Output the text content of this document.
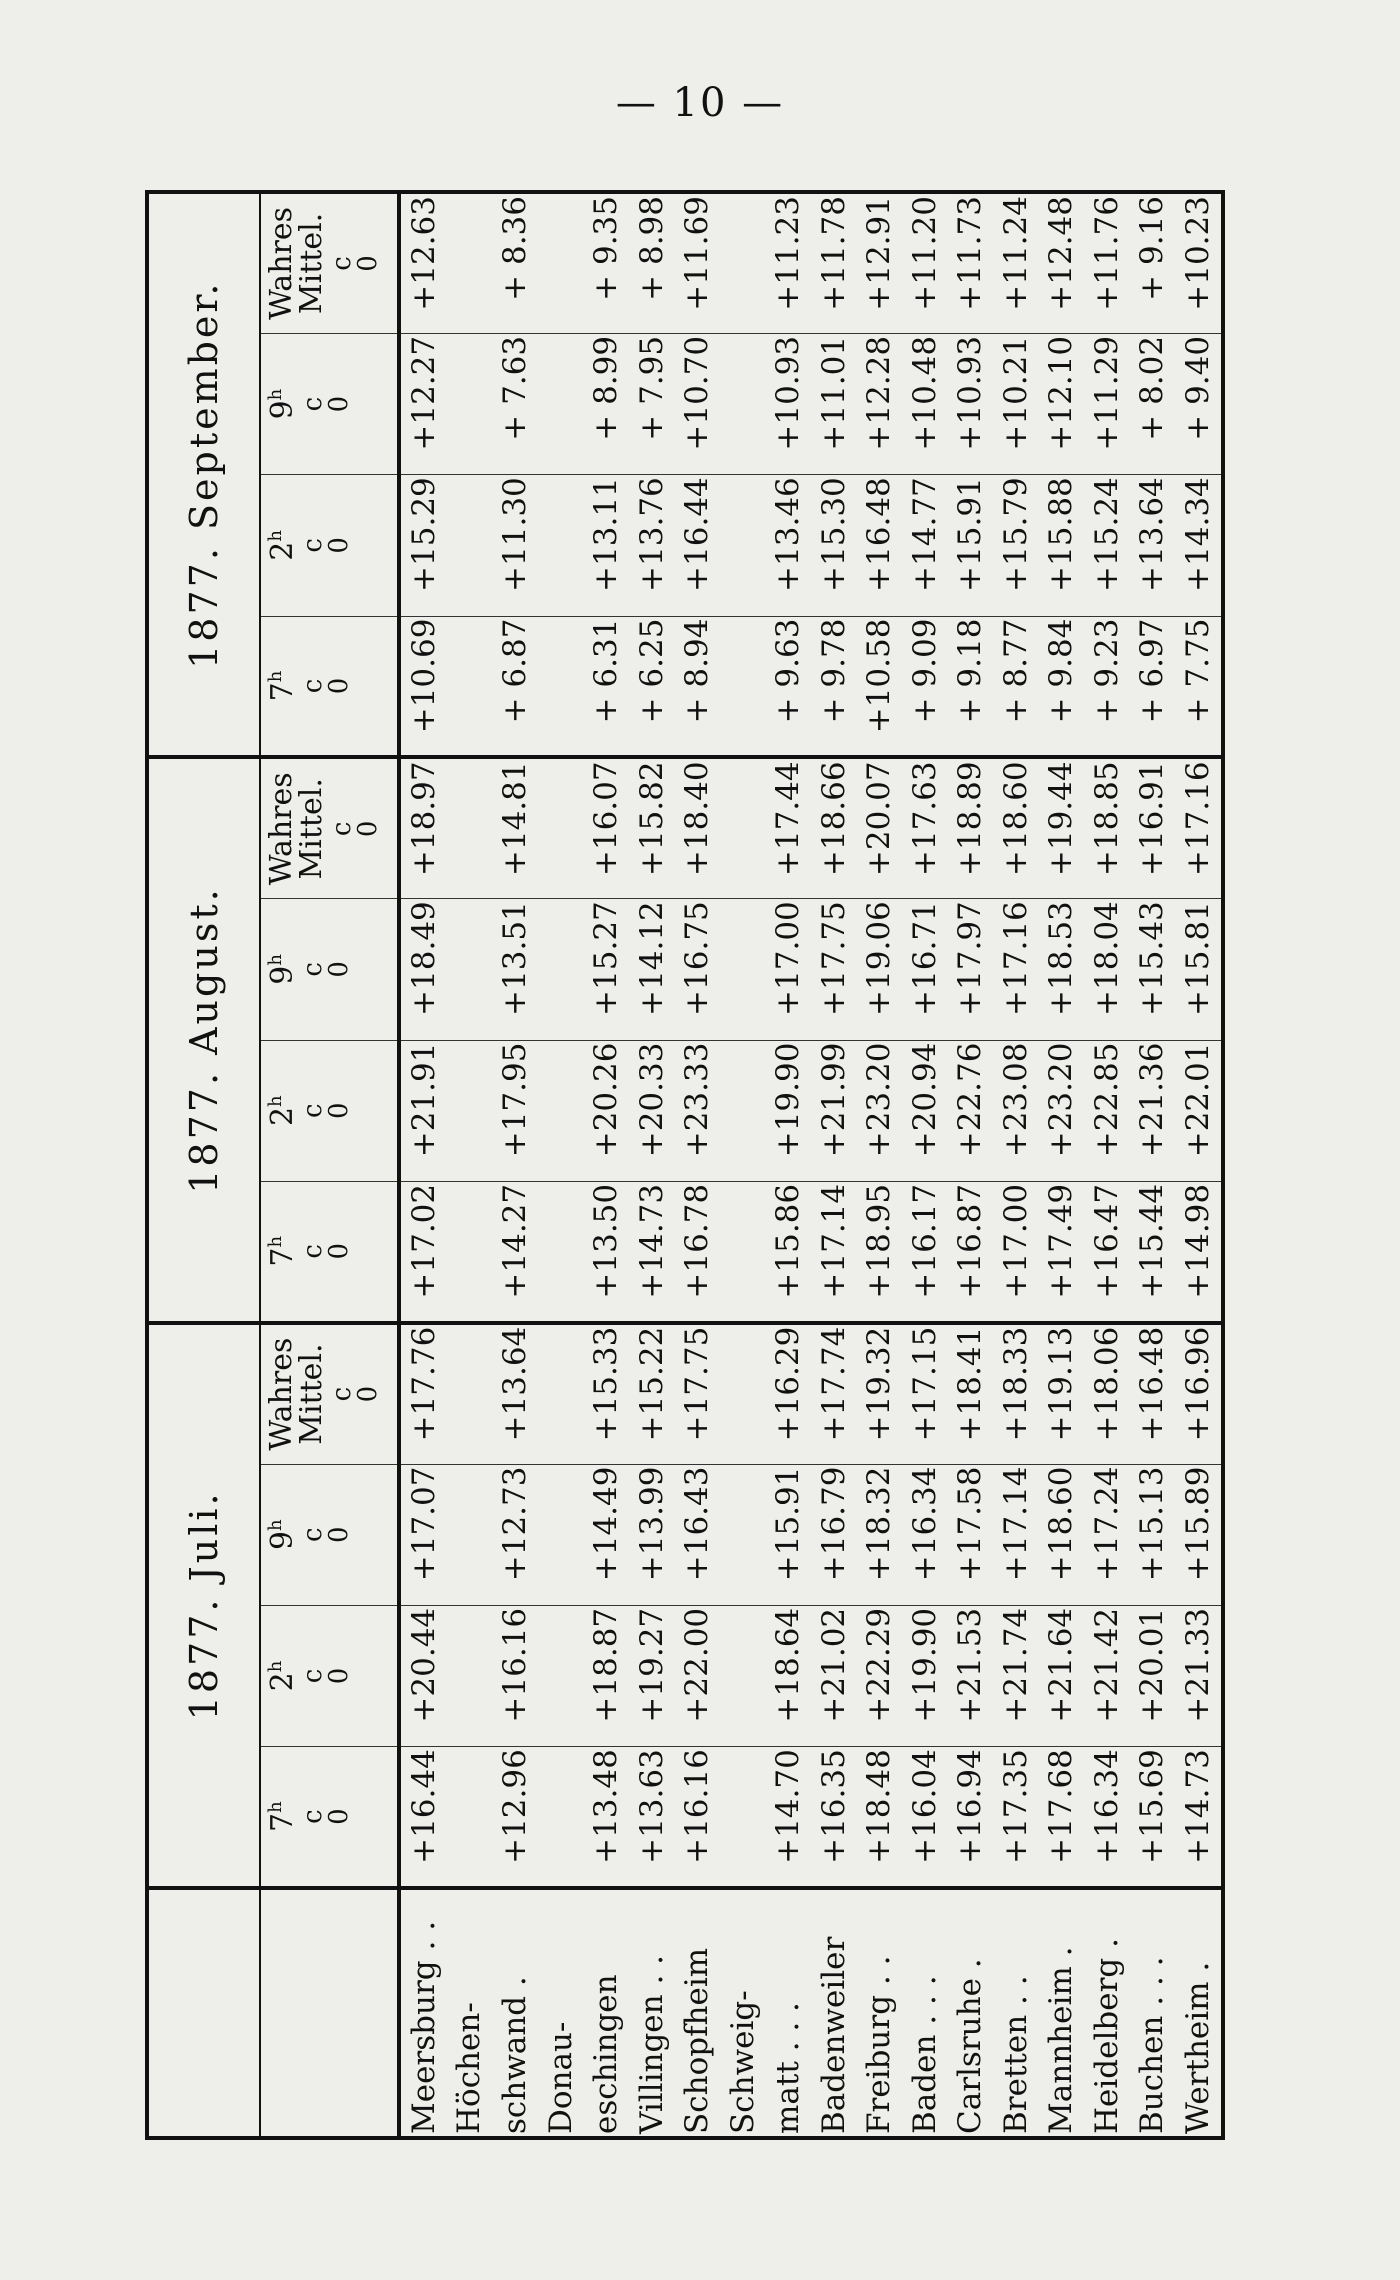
— 10 —
	1877. Juli.				1877. August.				1877. September.			
	7$^h$
c
0	2$^h$
c
0	9$^h$
c
0	Wahres
Mittel.
c
0	7$^h$
c
0	2$^h$
c
0	9$^h$
c
0	Wahres
Mittel.
c
0	7$^h$
c
0	2$^h$
c
0	9$^h$
c
0	Wahres
Mittel.
c
0

Meersburg . .	+16.44	+20.44	+17.07	+17.76	+17.02	+21.91	+18.49	+18.97	+10.69	+15.29	+12.27	+12.63
Höchen-												
schwand .	+12.96	+16.16	+12.73	+13.64	+14.27	+17.95	+13.51	+14.81	+ 6.87	+11.30	+ 7.63	+ 8.36
Donau-												
eschingen	+13.48	+18.87	+14.49	+15.33	+13.50	+20.26	+15.27	+16.07	+ 6.31	+13.11	+ 8.99	+ 9.35
Villingen . .	+13.63	+19.27	+13.99	+15.22	+14.73	+20.33	+14.12	+15.82	+ 6.25	+13.76	+ 7.95	+ 8.98
Schopfheim	+16.16	+22.00	+16.43	+17.75	+16.78	+23.33	+16.75	+18.40	+ 8.94	+16.44	+10.70	+11.69
Schweig-												
matt . . .	+14.70	+18.64	+15.91	+16.29	+15.86	+19.90	+17.00	+17.44	+ 9.63	+13.46	+10.93	+11.23
Badenweiler	+16.35	+21.02	+16.79	+17.74	+17.14	+21.99	+17.75	+18.66	+ 9.78	+15.30	+11.01	+11.78
Freiburg . .	+18.48	+22.29	+18.32	+19.32	+18.95	+23.20	+19.06	+20.07	+10.58	+16.48	+12.28	+12.91
Baden . . .	+16.04	+19.90	+16.34	+17.15	+16.17	+20.94	+16.71	+17.63	+ 9.09	+14.77	+10.48	+11.20
Carlsruhe .	+16.94	+21.53	+17.58	+18.41	+16.87	+22.76	+17.97	+18.89	+ 9.18	+15.91	+10.93	+11.73
Bretten . .	+17.35	+21.74	+17.14	+18.33	+17.00	+23.08	+17.16	+18.60	+ 8.77	+15.79	+10.21	+11.24
Mannheim .	+17.68	+21.64	+18.60	+19.13	+17.49	+23.20	+18.53	+19.44	+ 9.84	+15.88	+12.10	+12.48
Heidelberg .	+16.34	+21.42	+17.24	+18.06	+16.47	+22.85	+18.04	+18.85	+ 9.23	+15.24	+11.29	+11.76
Buchen . . .	+15.69	+20.01	+15.13	+16.48	+15.44	+21.36	+15.43	+16.91	+ 6.97	+13.64	+ 8.02	+ 9.16
Wertheim .	+14.73	+21.33	+15.89	+16.96	+14.98	+22.01	+15.81	+17.16	+ 7.75	+14.34	+ 9.40	+10.23
